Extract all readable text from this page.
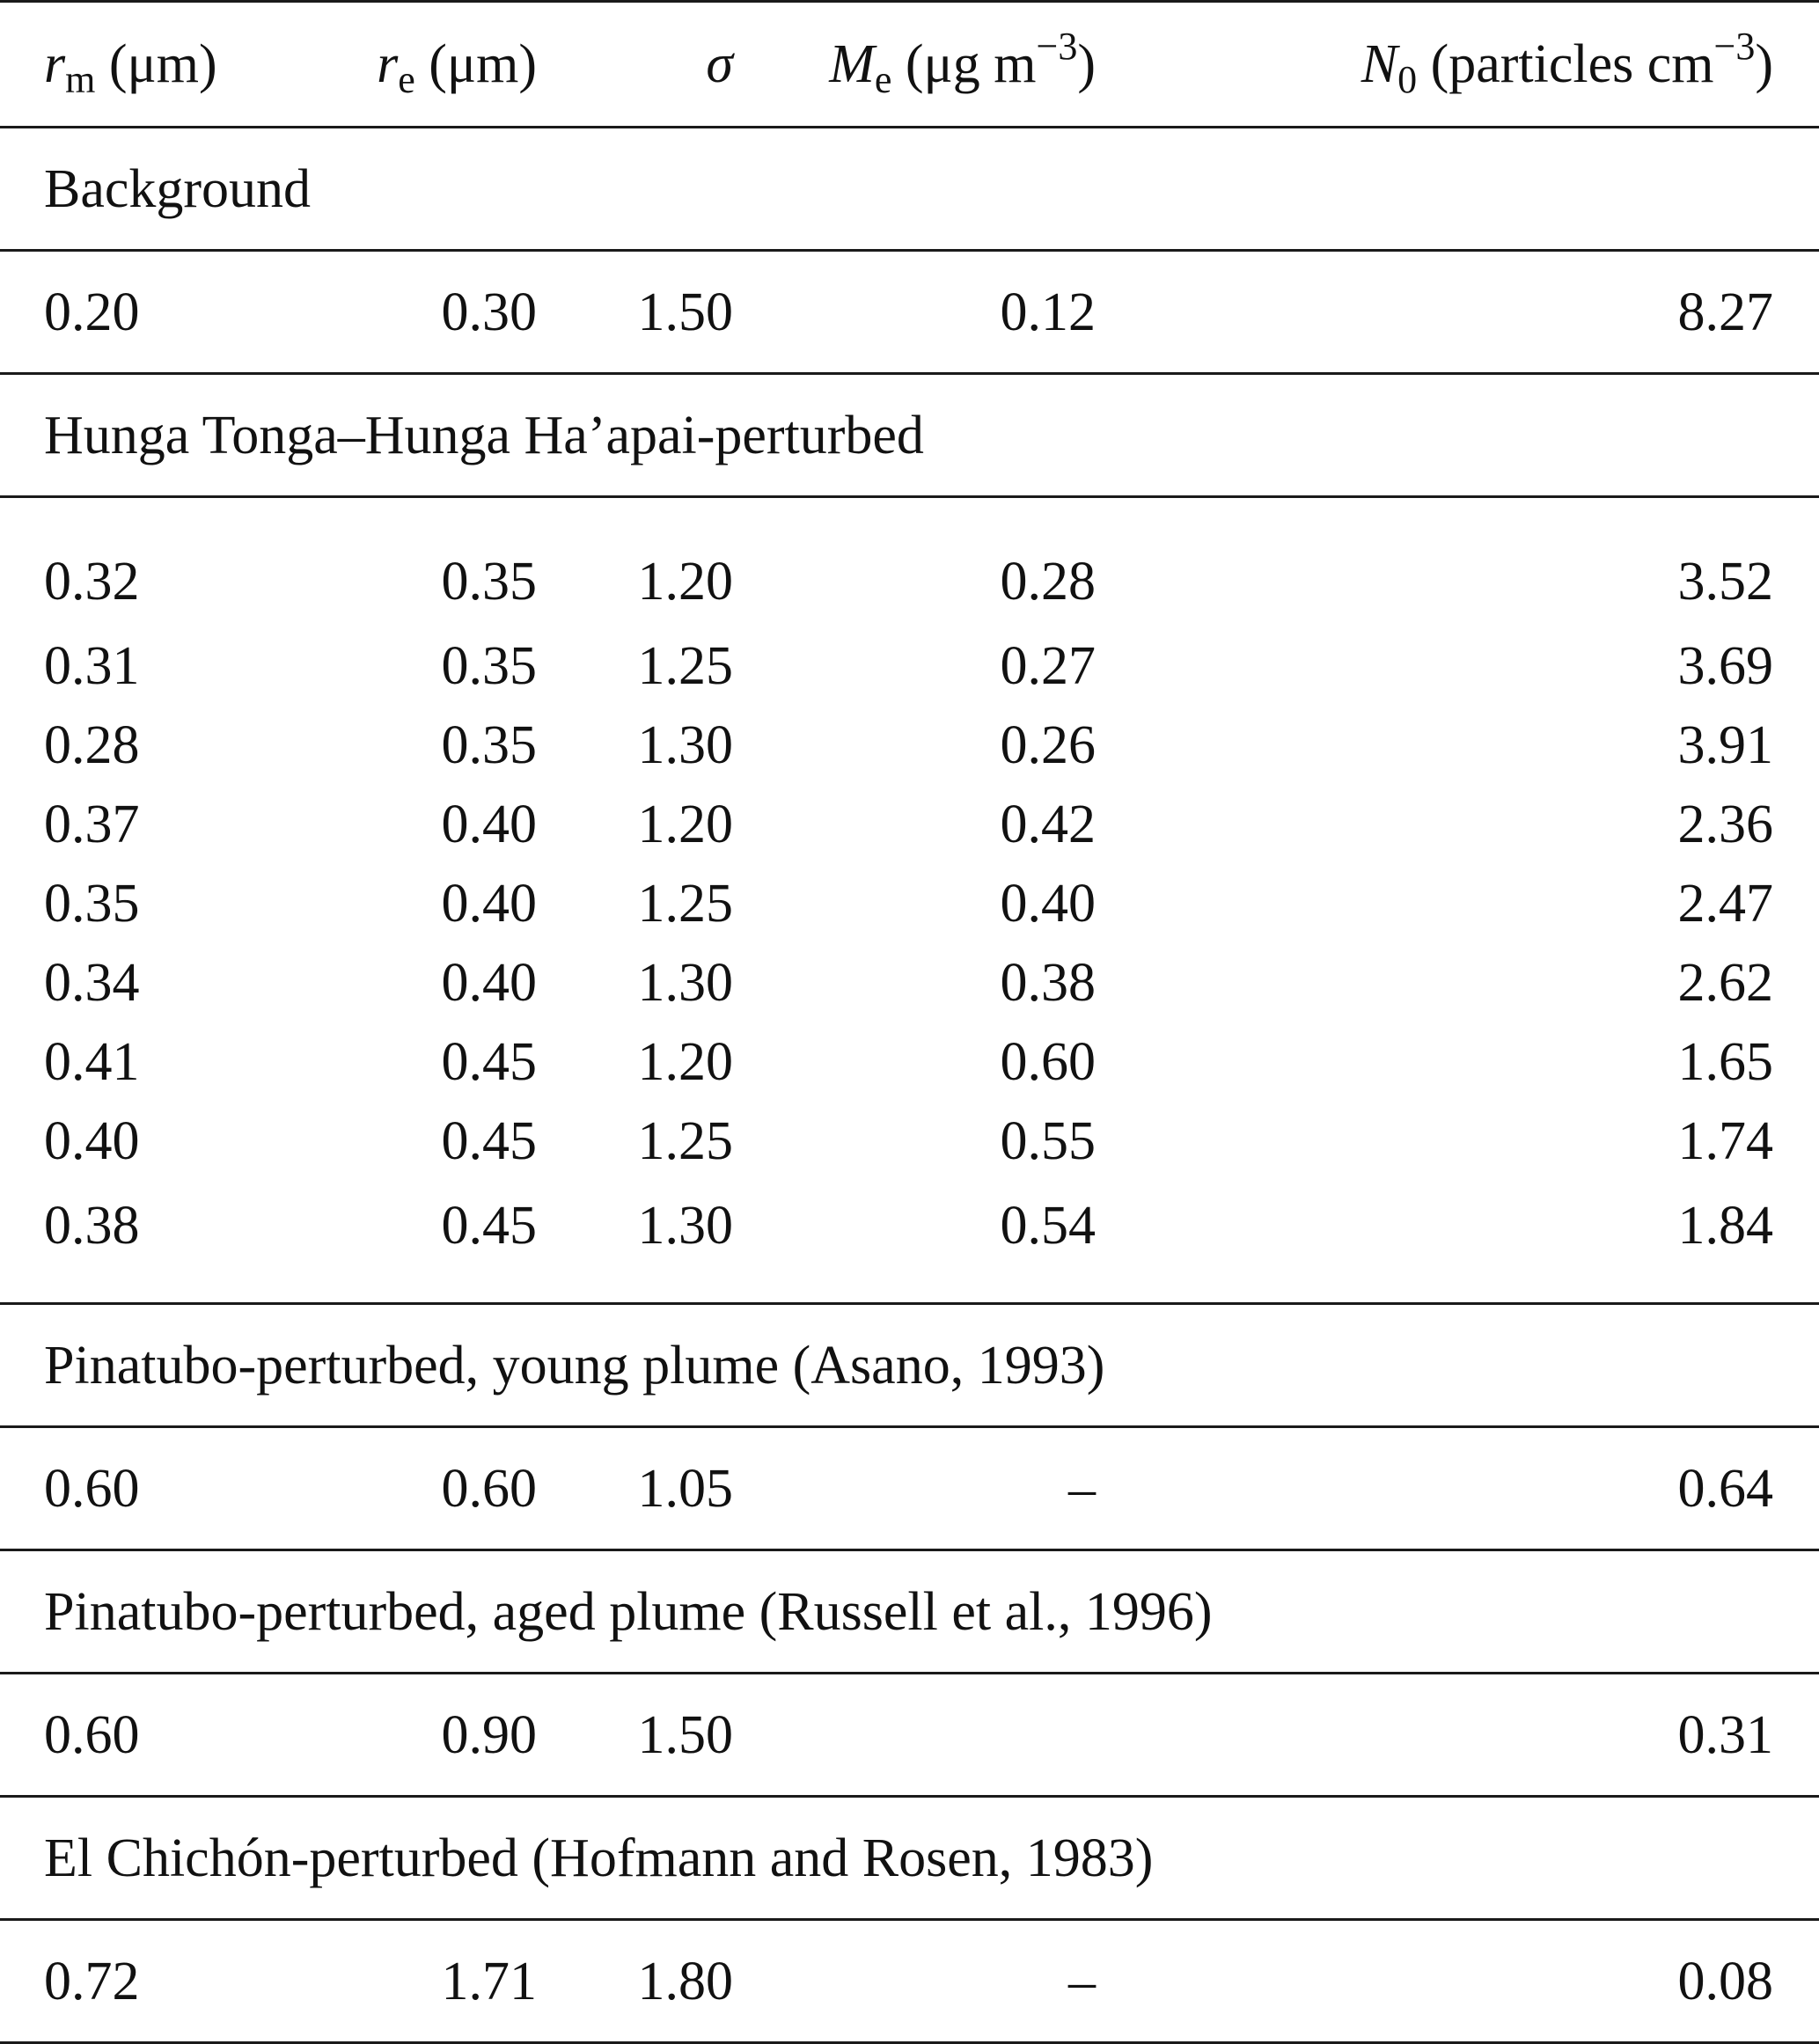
rm (μm)	re (μm)	σ	Me (μg $m^{-3}$)	N0 (particles $cm^{-3}$)
Background				
0.20	0.30	1.50	0.12	8.27
Hunga Tonga–Hunga Ha’apai-perturbed				
0.32	0.35	1.20	0.28	3.52
0.31	0.35	1.25	0.27	3.69
0.28	0.35	1.30	0.26	3.91
0.37	0.40	1.20	0.42	2.36
0.35	0.40	1.25	0.40	2.47
0.34	0.40	1.30	0.38	2.62
0.41	0.45	1.20	0.60	1.65
0.40	0.45	1.25	0.55	1.74
0.38	0.45	1.30	0.54	1.84
Pinatubo-perturbed, young plume (Asano, 1993)				
0.60	0.60	1.05	–	0.64
Pinatubo-perturbed, aged plume (Russell et al., 1996)				
0.60	0.90	1.50		0.31
El Chichón-perturbed (Hofmann and Rosen, 1983)				
0.72	1.71	1.80	–	0.08
